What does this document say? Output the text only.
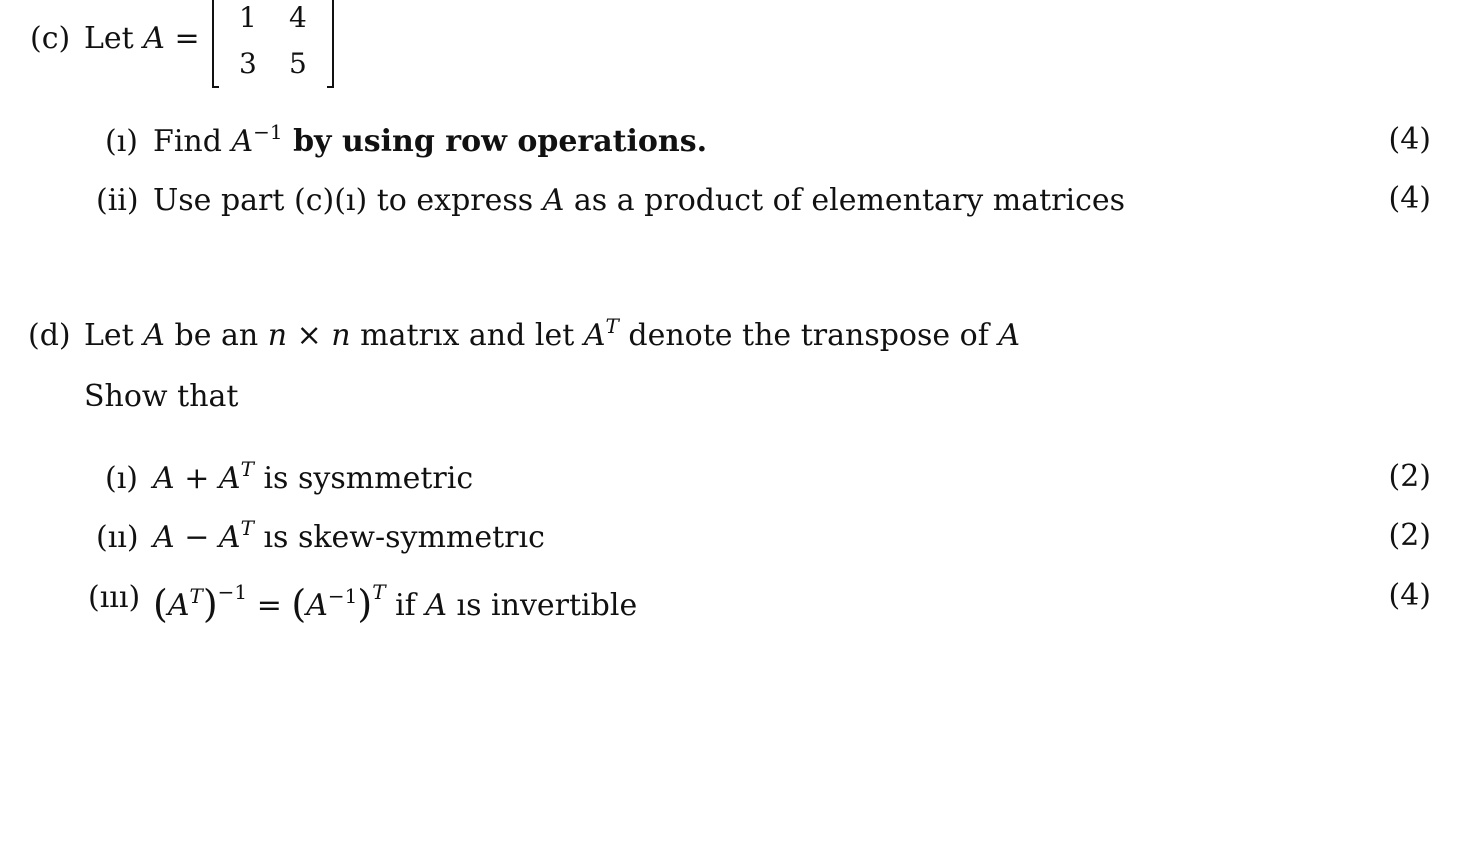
(c) Let A =
1 4
3 5
(ı) Find $A^{-1}$ by using row operations.	(4)
(ii) Use part (c)(ı) to express A as a product of elementary matrices	(4)
(d) Let A be an n × n matrıx and let $A^T$ denote the transpose of A
Show that
(ı) $A + A^T$ is sysmmetric	(2)
(ıı) $A - A^T$ ıs skew-symmetrıc	(2)
(ııı) $(A^T)^{-1} = (A^{-1})^T$ if A ıs invertible	(4)
